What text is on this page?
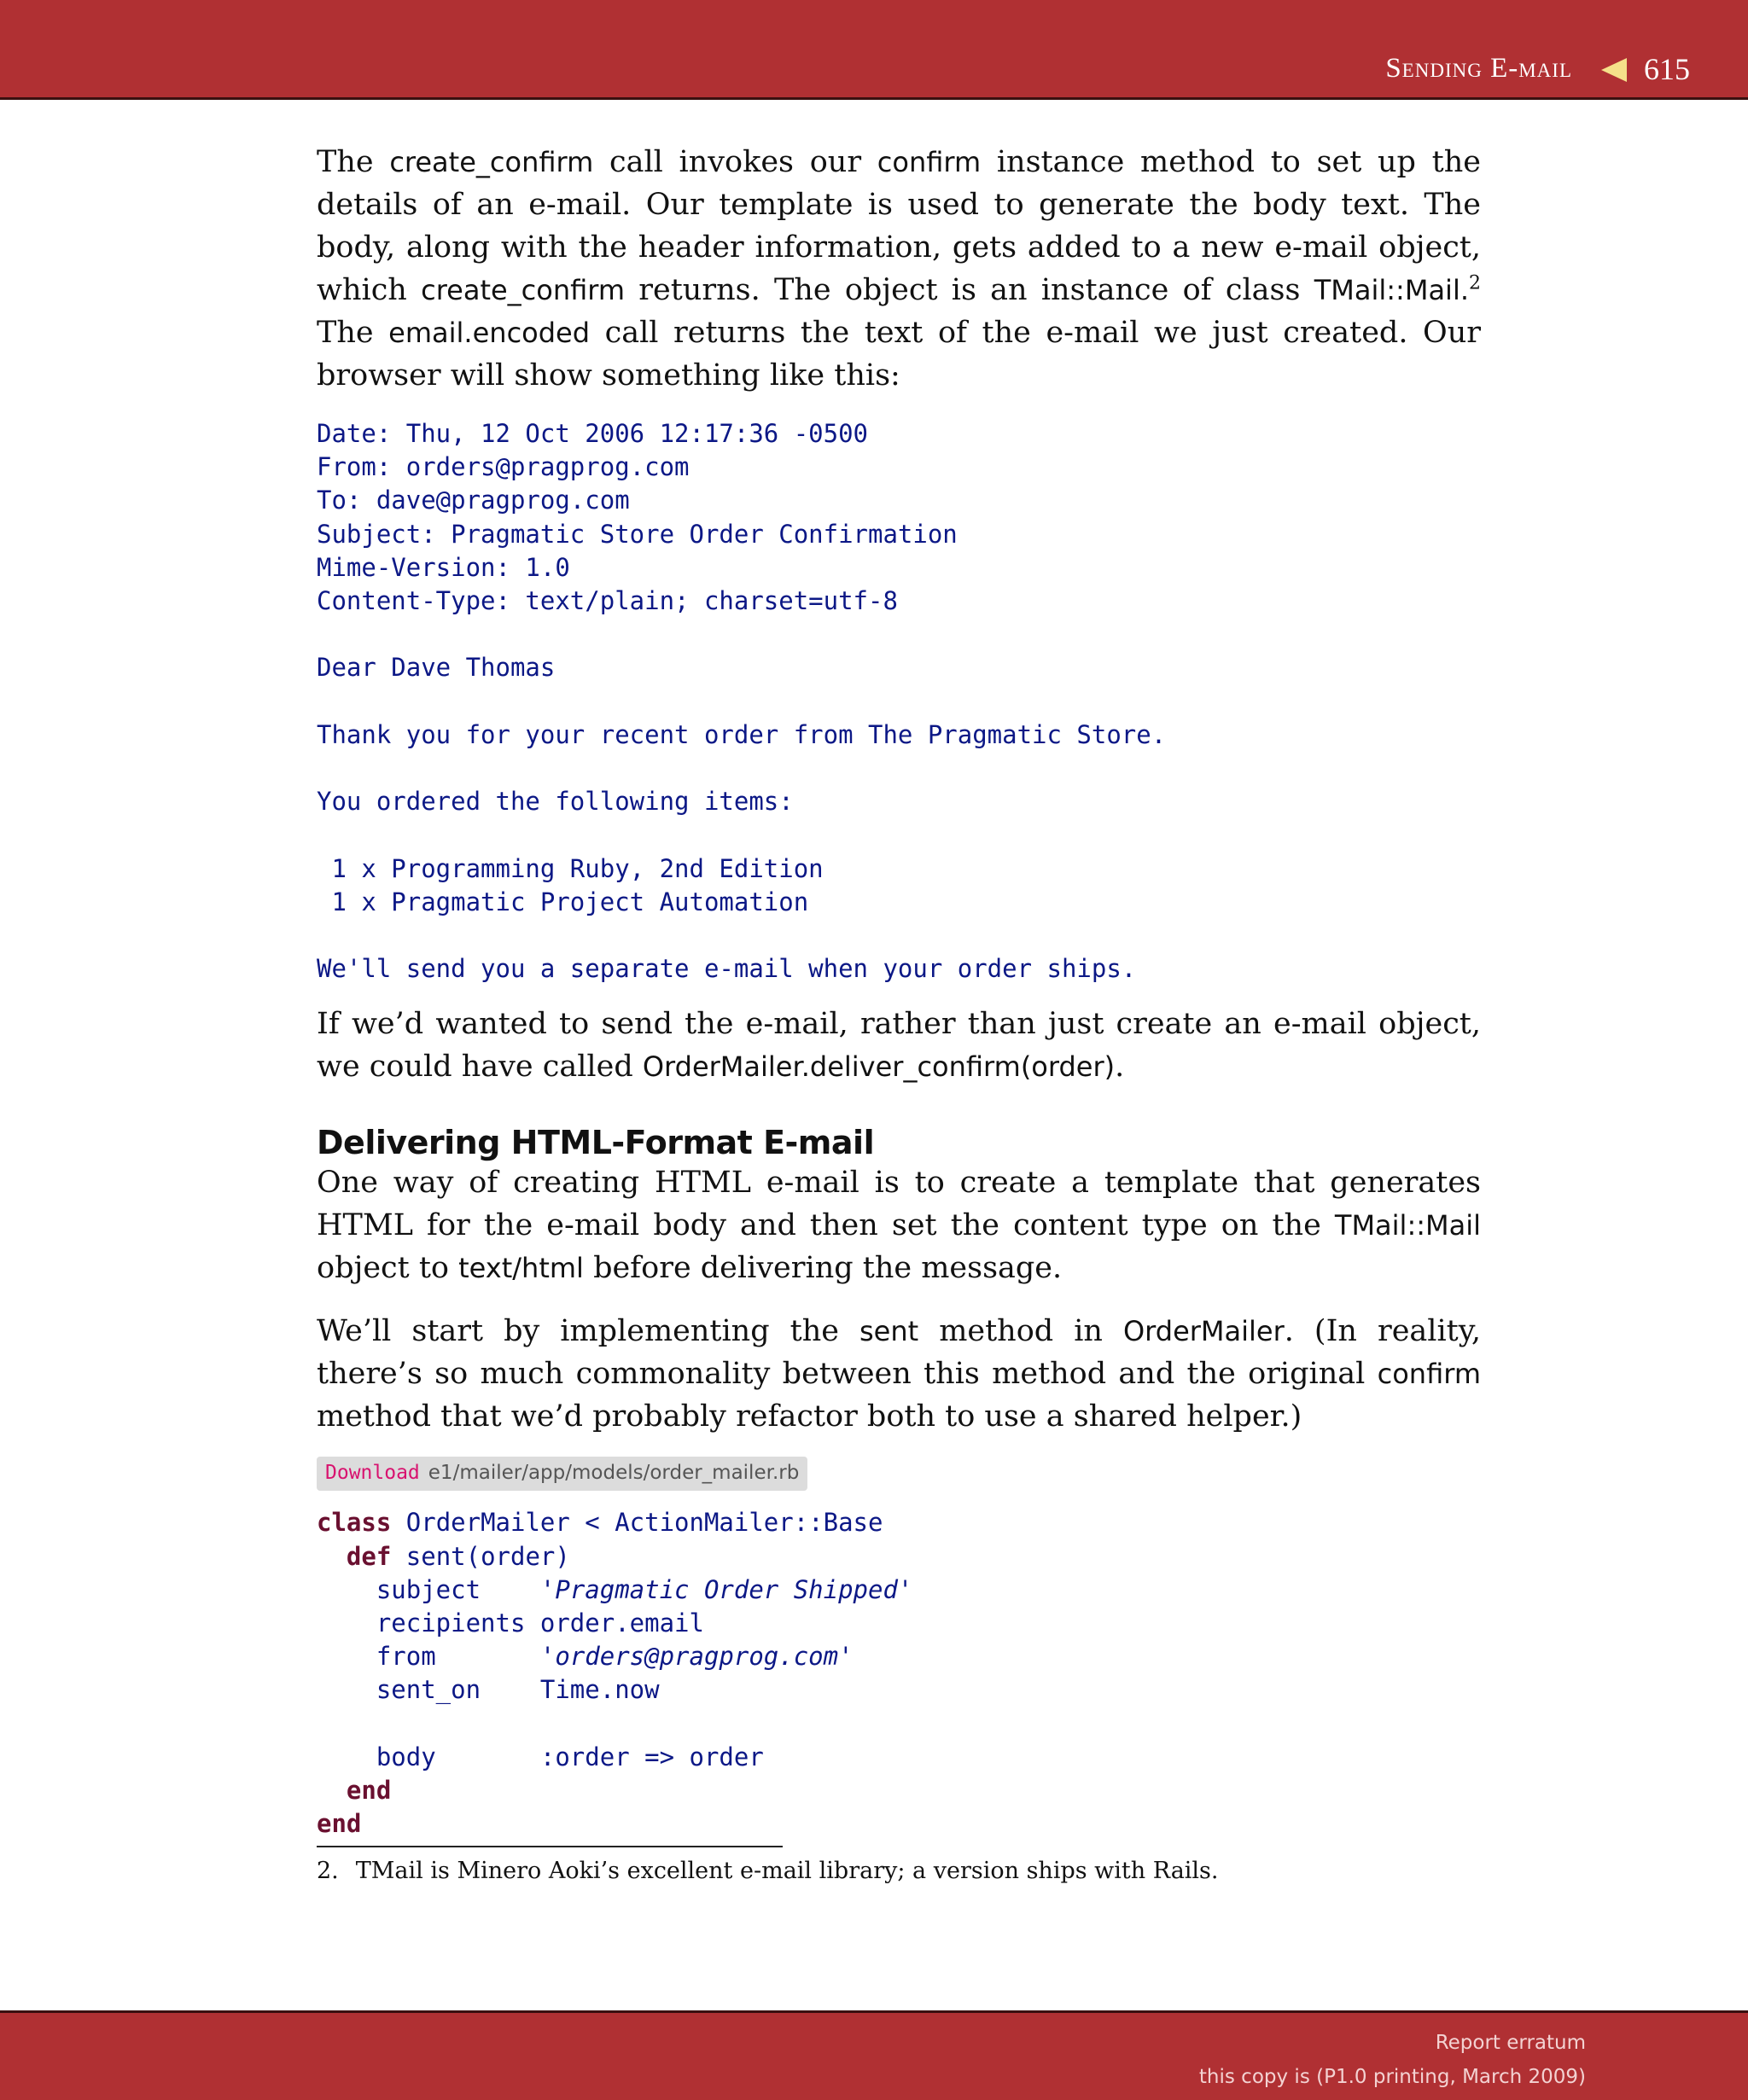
Sending E-mail 615

The create_confirm call invokes our confirm instance method to set up the details of an e-mail. Our template is used to generate the body text. The body, along with the header information, gets added to a new e-mail object, which create_confirm returns. The object is an instance of class TMail::Mail.$^2$ The email.encoded call returns the text of the e-mail we just created. Our browser will show something like this:

Date: Thu, 12 Oct 2006 12:17:36 -0500
From: orders@pragprog.com
To: dave@pragprog.com
Subject: Pragmatic Store Order Confirmation
Mime-Version: 1.0
Content-Type: text/plain; charset=utf-8

Dear Dave Thomas

Thank you for your recent order from The Pragmatic Store.

You ordered the following items:

1 x Programming Ruby, 2nd Edition
1 x Pragmatic Project Automation

We'll send you a separate e-mail when your order ships.

If we’d wanted to send the e-mail, rather than just create an e-mail object, we could have called OrderMailer.deliver_confirm(order).

Delivering HTML-Format E-mail

One way of creating HTML e-mail is to create a template that generates HTML for the e-mail body and then set the content type on the TMail::Mail object to text/html before delivering the message.

We’ll start by implementing the sent method in OrderMailer. (In reality, there’s so much commonality between this method and the original confirm method that we’d probably refactor both to use a shared helper.)

Download e1/mailer/app/models/order_mailer.rb
class OrderMailer < ActionMailer::Base
def sent(order)
subject    'Pragmatic Order Shipped'
recipients order.email
from       'orders@pragprog.com'
sent_on    Time.now

body       :order => order
end
end
2. TMail is Minero Aoki’s excellent e-mail library; a version ships with Rails.
Report erratum
this copy is (P1.0 printing, March 2009)
